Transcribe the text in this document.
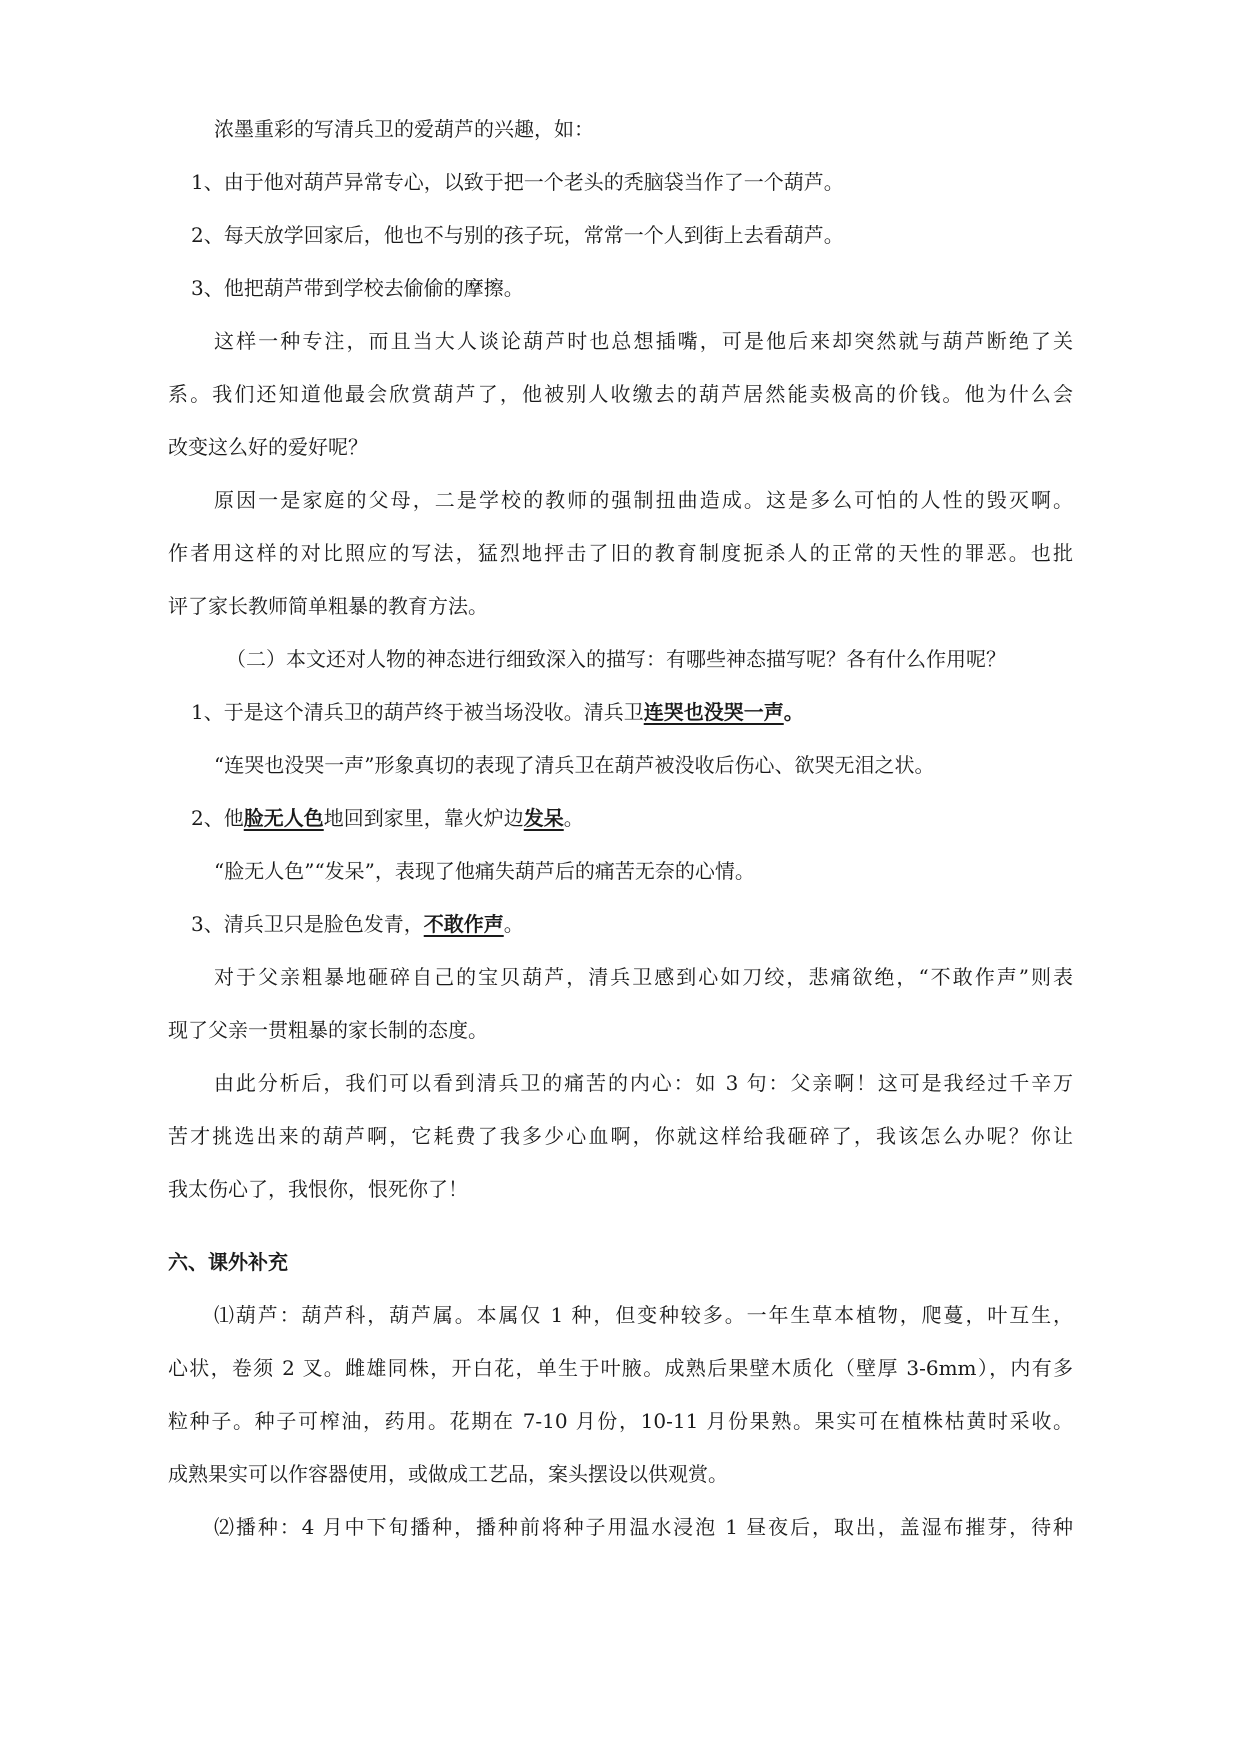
浓墨重彩的写清兵卫的爱葫芦的兴趣，如：
1、由于他对葫芦异常专心，以致于把一个老头的秃脑袋当作了一个葫芦。
2、每天放学回家后，他也不与别的孩子玩，常常一个人到街上去看葫芦。
3、他把葫芦带到学校去偷偷的摩擦。
这样一种专注，而且当大人谈论葫芦时也总想插嘴，可是他后来却突然就与葫芦断绝了关
系。我们还知道他最会欣赏葫芦了，他被别人收缴去的葫芦居然能卖极高的价钱。他为什么会
改变这么好的爱好呢？
原因一是家庭的父母，二是学校的教师的强制扭曲造成。这是多么可怕的人性的毁灭啊。
作者用这样的对比照应的写法，猛烈地抨击了旧的教育制度扼杀人的正常的天性的罪恶。也批
评了家长教师简单粗暴的教育方法。
（二）本文还对人物的神态进行细致深入的描写：有哪些神态描写呢？各有什么作用呢？
1、于是这个清兵卫的葫芦终于被当场没收。清兵卫连哭也没哭一声。
“连哭也没哭一声”形象真切的表现了清兵卫在葫芦被没收后伤心、欲哭无泪之状。
2、他脸无人色地回到家里，靠火炉边发呆。
“脸无人色”“发呆”，表现了他痛失葫芦后的痛苦无奈的心情。
3、清兵卫只是脸色发青，不敢作声。
对于父亲粗暴地砸碎自己的宝贝葫芦，清兵卫感到心如刀绞，悲痛欲绝，“不敢作声”则表
现了父亲一贯粗暴的家长制的态度。
由此分析后，我们可以看到清兵卫的痛苦的内心：如 3 句：父亲啊！这可是我经过千辛万
苦才挑选出来的葫芦啊，它耗费了我多少心血啊，你就这样给我砸碎了，我该怎么办呢？你让
我太伤心了，我恨你，恨死你了！
六、课外补充
⑴葫芦：葫芦科，葫芦属。本属仅 1 种，但变种较多。一年生草本植物，爬蔓，叶互生，
心状，卷须 2 叉。雌雄同株，开白花，单生于叶腋。成熟后果壁木质化（壁厚 3-6mm），内有多
粒种子。种子可榨油，药用。花期在 7-10 月份，10-11 月份果熟。果实可在植株枯黄时采收。
成熟果实可以作容器使用，或做成工艺品，案头摆设以供观赏。
⑵播种：4 月中下旬播种，播种前将种子用温水浸泡 1 昼夜后，取出，盖湿布摧芽，待种
